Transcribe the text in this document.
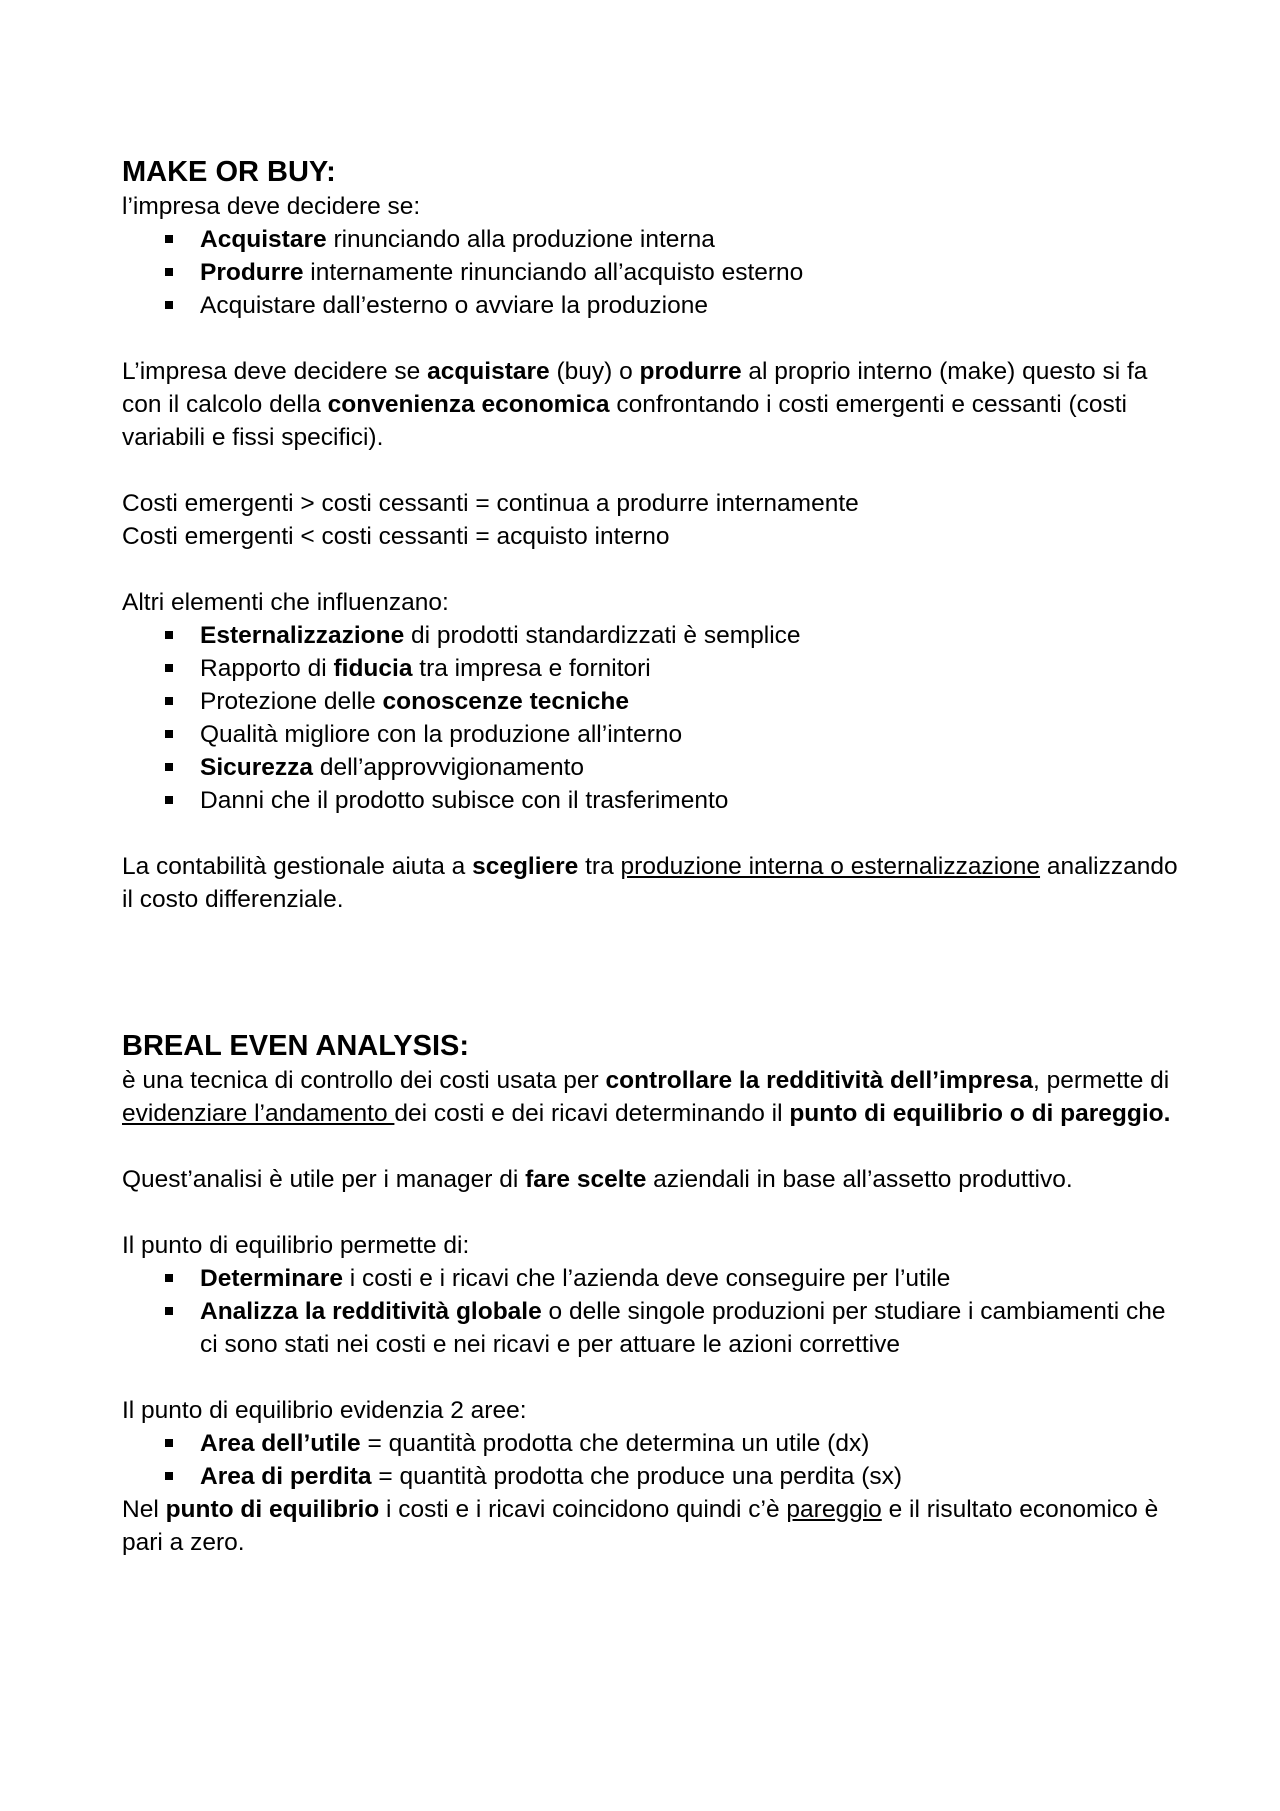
MAKE OR BUY:

l’impresa deve decidere se:

Acquistare rinunciando alla produzione interna
Produrre internamente rinunciando all’acquisto esterno
Acquistare dall’esterno o avviare la produzione

L’impresa deve decidere se acquistare (buy) o produrre al proprio interno (make) questo si fa con il calcolo della convenienza economica confrontando i costi emergenti e cessanti (costi variabili e fissi specifici).

Costi emergenti > costi cessanti = continua a produrre internamente

Costi emergenti < costi cessanti = acquisto interno

Altri elementi che influenzano:

Esternalizzazione di prodotti standardizzati è semplice
Rapporto di fiducia tra impresa e fornitori
Protezione delle conoscenze tecniche
Qualità migliore con la produzione all’interno
Sicurezza dell’approvvigionamento
Danni che il prodotto subisce con il trasferimento

La contabilità gestionale aiuta a scegliere tra produzione interna o esternalizzazione analizzando il costo differenziale.

BREAL EVEN ANALYSIS:

è una tecnica di controllo dei costi usata per controllare la redditività dell’impresa, permette di evidenziare l’andamento dei costi e dei ricavi determinando il punto di equilibrio o di pareggio.

Quest’analisi è utile per i manager di fare scelte aziendali in base all’assetto produttivo.

Il punto di equilibrio permette di:

Determinare i costi e i ricavi che l’azienda deve conseguire per l’utile
Analizza la redditività globale o delle singole produzioni per studiare i cambiamenti che ci sono stati nei costi e nei ricavi e per attuare le azioni correttive

Il punto di equilibrio evidenzia 2 aree:

Area dell’utile = quantità prodotta che determina un utile (dx)
Area di perdita = quantità prodotta che produce una perdita (sx)

Nel punto di equilibrio i costi e i ricavi coincidono quindi c’è pareggio e il risultato economico è pari a zero.
